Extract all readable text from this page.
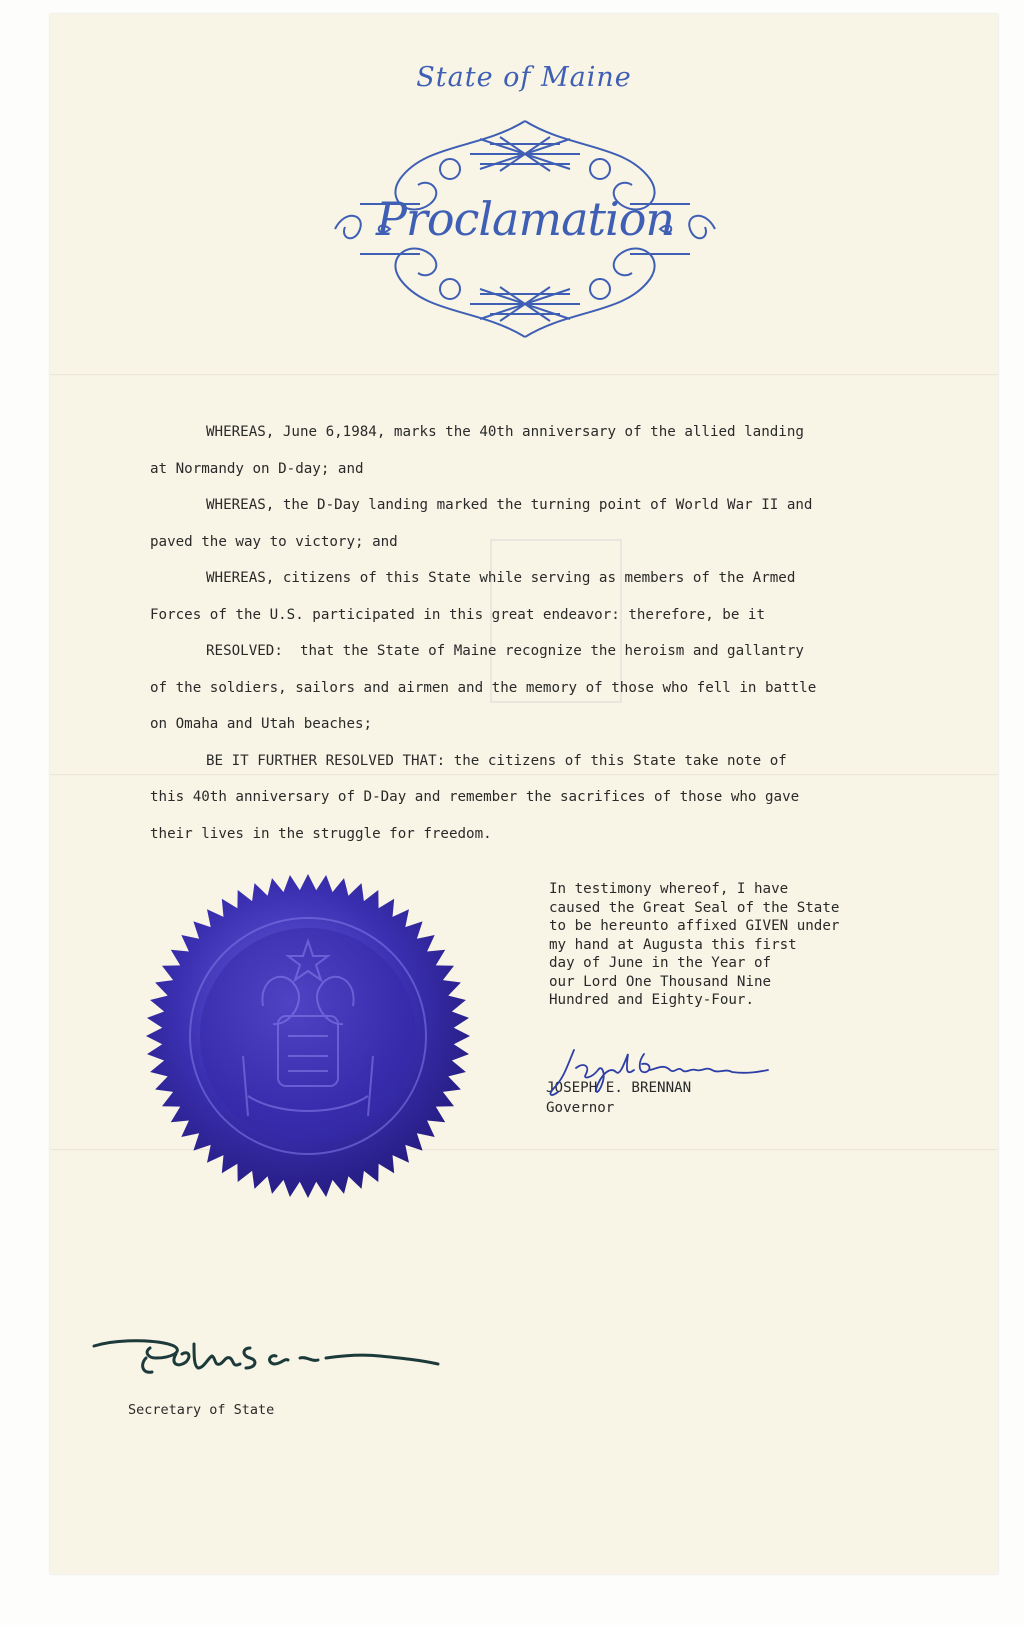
State of Maine
Proclamation

WHEREAS, June 6,1984, marks the 40th anniversary of the allied landing

at Normandy on D-day; and

WHEREAS, the D-Day landing marked the turning point of World War II and

paved the way to victory; and

WHEREAS, citizens of this State while serving as members of the Armed

Forces of the U.S. participated in this great endeavor: therefore, be it

RESOLVED:  that the State of Maine recognize the heroism and gallantry

of the soldiers, sailors and airmen and the memory of those who fell in battle

on Omaha and Utah beaches;

BE IT FURTHER RESOLVED THAT: the citizens of this State take note of

this 40th anniversary of D-Day and remember the sacrifices of those who gave

their lives in the struggle for freedom.

In testimony whereof, I have

caused the Great Seal of the State

to be hereunto affixed GIVEN under

my hand at Augusta this first

day of June in the Year of

our Lord One Thousand Nine

Hundred and Eighty-Four.

JOSEPH E. BRENNAN
Governor
Secretary of State
